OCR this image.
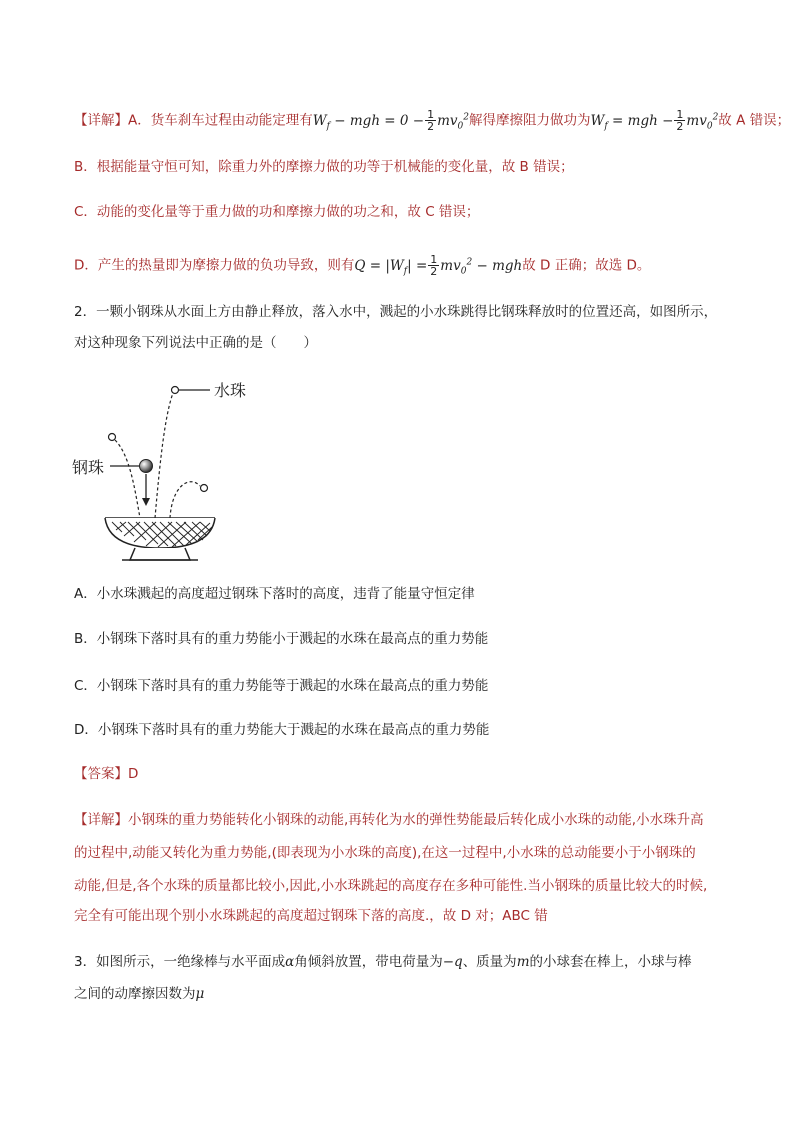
【详解】A．货车刹车过程由动能定理有$W_f$ − mgh = $0 - \frac{1}{2} mv_0^2$解得摩擦阻力做功为$W_f$ = mgh − $\frac{1}{2} mv_0^2$故 A 错误；
B．根据能量守恒可知，除重力外的摩擦力做的功等于机械能的变化量，故 B 错误；
C．动能的变化量等于重力做的功和摩擦力做的功之和，故 C 错误；
D．产生的热量即为摩擦力做的负功导致，则有$Q = |W_f| = \frac{1}{2} mv_0^2$ − mgh故 D 正确；故选 D。
2．一颗小钢珠从水面上方由静止释放，落入水中，溅起的小水珠跳得比钢珠释放时的位置还高，如图所示，
对这种现象下列说法中正确的是（　　）
水珠
钢珠
A．小水珠溅起的高度超过钢珠下落时的高度，违背了能量守恒定律
B．小钢珠下落时具有的重力势能小于溅起的水珠在最高点的重力势能
C．小钢珠下落时具有的重力势能等于溅起的水珠在最高点的重力势能
D．小钢珠下落时具有的重力势能大于溅起的水珠在最高点的重力势能
【答案】D
【详解】小钢珠的重力势能转化小钢珠的动能,再转化为水的弹性势能最后转化成小水珠的动能,小水珠升高
的过程中,动能又转化为重力势能,(即表现为小水珠的高度),在这一过程中,小水珠的总动能要小于小钢珠的
动能,但是,各个水珠的质量都比较小,因此,小水珠跳起的高度存在多种可能性.当小钢珠的质量比较大的时候,
完全有可能出现个别小水珠跳起的高度超过钢珠下落的高度.，故 D 对；ABC 错
3．如图所示，一绝缘棒与水平面成α角倾斜放置，带电荷量为−q、质量为m的小球套在棒上，小球与棒
之间的动摩擦因数为μ
